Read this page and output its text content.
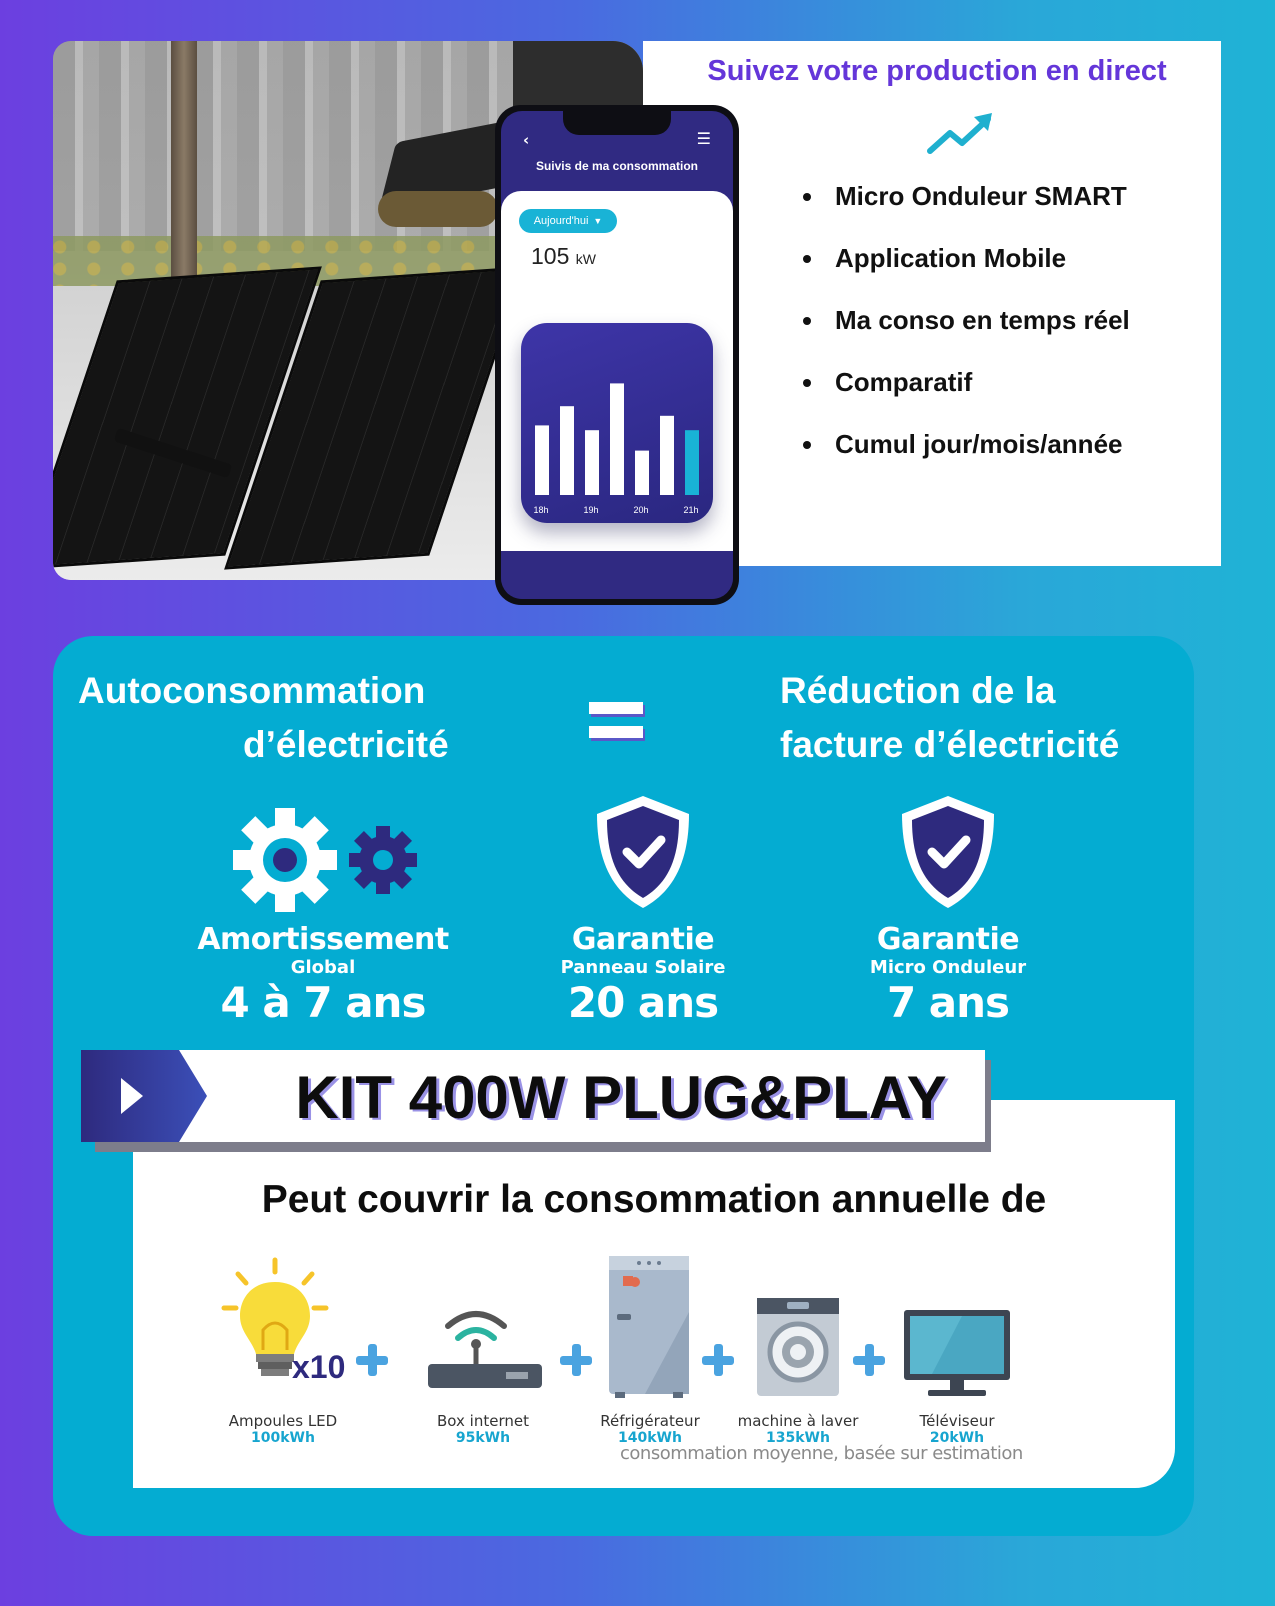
Suivez votre production en direct
Micro Onduleur SMART
Application Mobile
Ma conso en temps réel
Comparatif
Cumul jour/mois/année
‹	☰
Suivis de ma consommation
Aujourd'hui ▼
105 kW
18h	19h	20h	21h
Autoconsommation
d’électricité
Réduction de la
facture d’électricité
Amortissement
Global
4 à 7 ans
Garantie
Panneau Solaire
20 ans
Garantie
Micro Onduleur
7 ans
KIT 400W PLUG&PLAY
Peut couvrir la consommation annuelle de
x10
Ampoules LED
100kWh
Box internet
95kWh
Réfrigérateur
140kWh
machine à laver
135kWh
Téléviseur
20kWh
consommation moyenne, basée sur estimation
